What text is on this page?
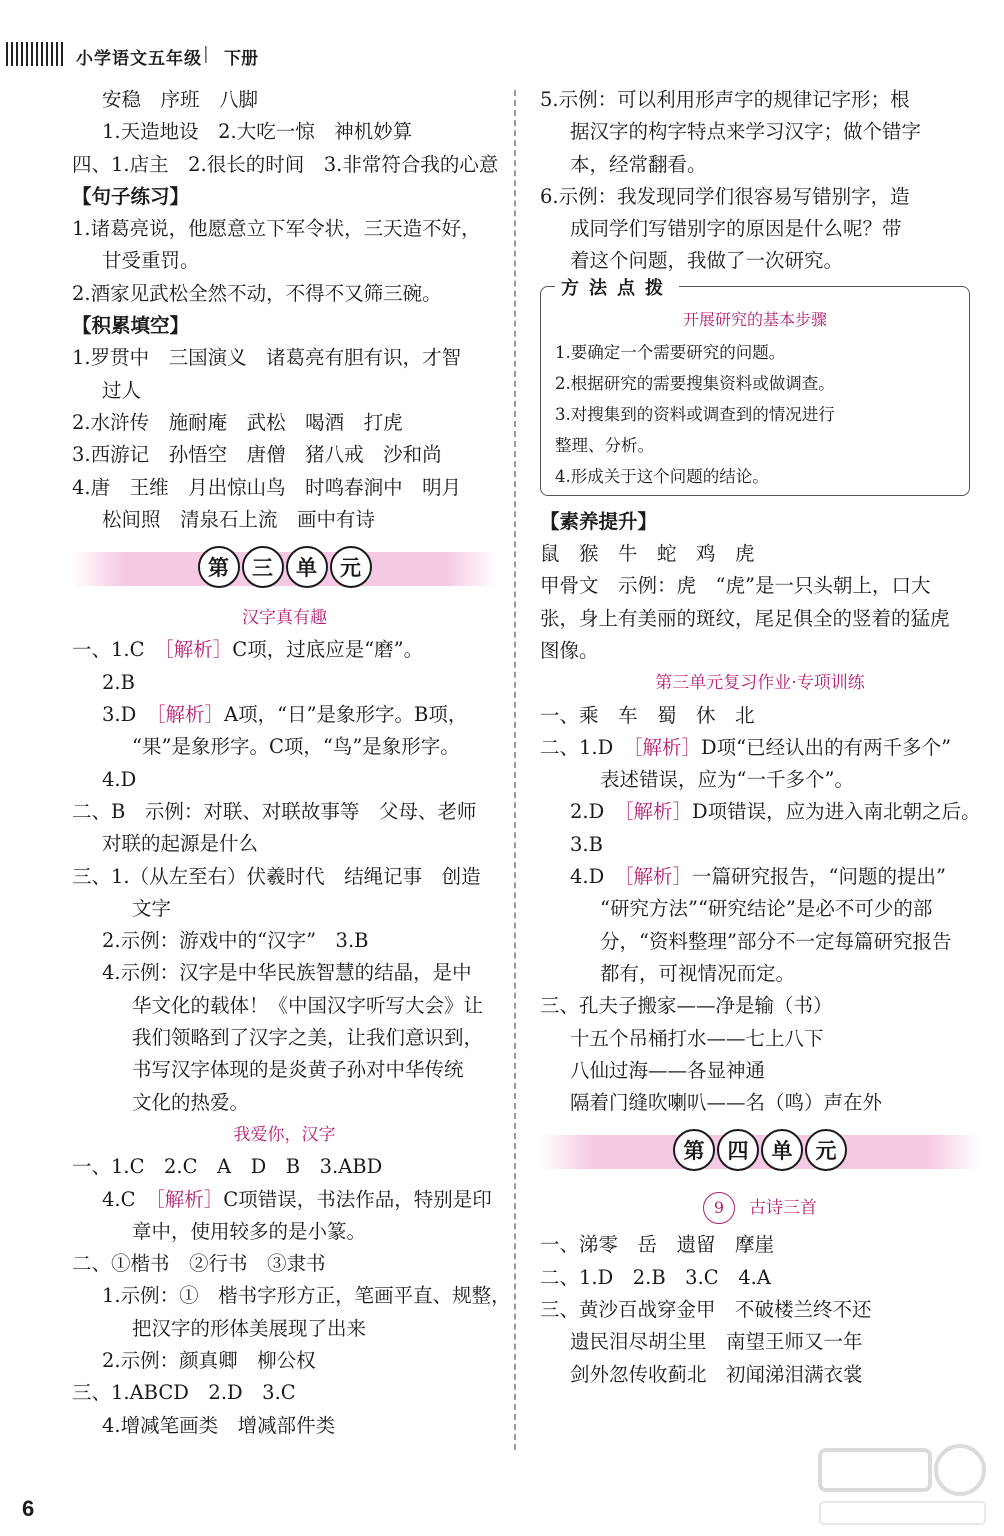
小学语文五年级 | 下册
安稳　序班　八脚
1.天造地设　2.大吃一惊　神机妙算
四、1.店主　2.很长的时间　3.非常符合我的心意
【句子练习】
1.诸葛亮说，他愿意立下军令状，三天造不好，
甘受重罚。
2.酒家见武松全然不动，不得不又筛三碗。
【积累填空】
1.罗贯中　三国演义　诸葛亮有胆有识，才智
过人
2.水浒传　施耐庵　武松　喝酒　打虎
3.西游记　孙悟空　唐僧　猪八戒　沙和尚
4.唐　王维　月出惊山鸟　时鸣春涧中　明月
松间照　清泉石上流　画中有诗
第	三	单	元
汉字真有趣
一、1.C　［解析］C项，过底应是“磨”。
2.B
3.D　［解析］A项，“日”是象形字。B项，
“果”是象形字。C项，“鸟”是象形字。
4.D
二、B　示例：对联、对联故事等　父母、老师
对联的起源是什么
三、1.（从左至右）伏羲时代　结绳记事　创造
文字
2.示例：游戏中的“汉字”　3.B
4.示例：汉字是中华民族智慧的结晶，是中
华文化的载体！《中国汉字听写大会》让
我们领略到了汉字之美，让我们意识到，
书写汉字体现的是炎黄子孙对中华传统
文化的热爱。
我爱你，汉字
一、1.C　2.C　A　D　B　3.ABD
4.C　［解析］C项错误，书法作品，特别是印
章中，使用较多的是小篆。
二、①楷书　②行书　③隶书
1.示例：①　楷书字形方正，笔画平直、规整，
把汉字的形体美展现了出来
2.示例：颜真卿　柳公权
三、1.ABCD　2.D　3.C
4.增减笔画类　增减部件类
5.示例：可以利用形声字的规律记字形；根
据汉字的构字特点来学习汉字；做个错字
本，经常翻看。
6.示例：我发现同学们很容易写错别字，造
成同学们写错别字的原因是什么呢？带
着这个问题，我做了一次研究。
方法点拨
开展研究的基本步骤
1.要确定一个需要研究的问题。
2.根据研究的需要搜集资料或做调查。
3.对搜集到的资料或调查到的情况进行
整理、分析。
4.形成关于这个问题的结论。
【素养提升】
鼠　猴　牛　蛇　鸡　虎
甲骨文　示例：虎　“虎”是一只头朝上，口大
张，身上有美丽的斑纹，尾足俱全的竖着的猛虎
图像。
第三单元复习作业·专项训练
一、乘　车　蜀　休　北
二、1.D　［解析］D项“已经认出的有两千多个”
表述错误，应为“一千多个”。
2.D　［解析］D项错误，应为进入南北朝之后。
3.B
4.D　［解析］一篇研究报告，“问题的提出”
“研究方法”“研究结论”是必不可少的部
分，“资料整理”部分不一定每篇研究报告
都有，可视情况而定。
三、孔夫子搬家——净是输（书）
十五个吊桶打水——七上八下
八仙过海——各显神通
隔着门缝吹喇叭——名（鸣）声在外
第	四	单	元
9 古诗三首
一、涕零　岳　遗留　摩崖
二、1.D　2.B　3.C　4.A
三、黄沙百战穿金甲　不破楼兰终不还
遗民泪尽胡尘里　南望王师又一年
剑外忽传收蓟北　初闻涕泪满衣裳
6
